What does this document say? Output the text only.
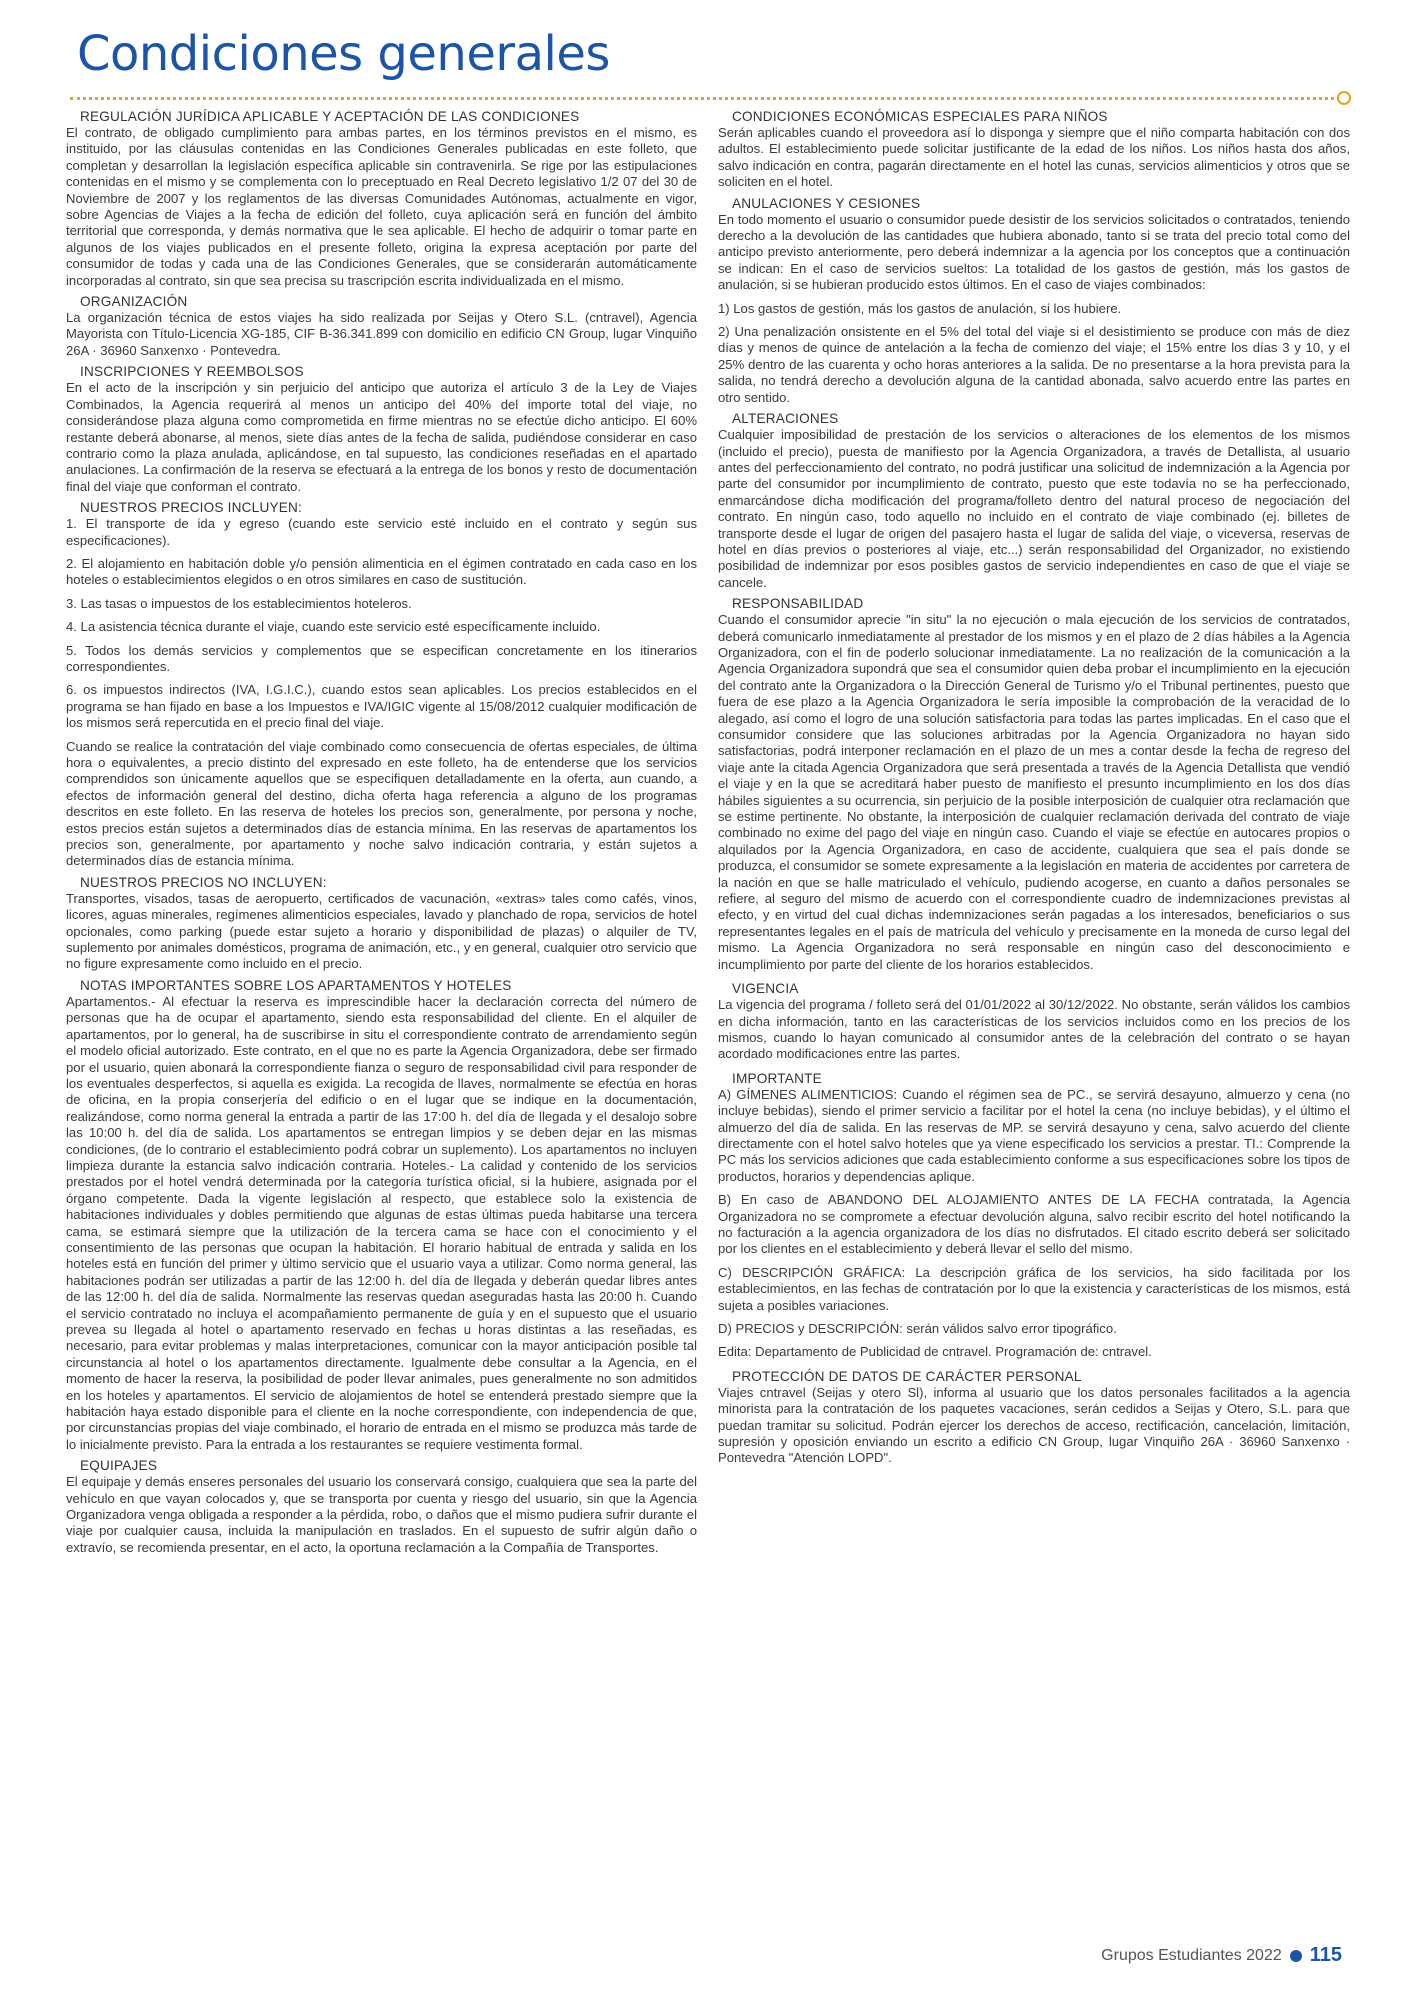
Condiciones generales
REGULACIÓN JURÍDICA APLICABLE Y ACEPTACIÓN DE LAS CONDICIONES

El contrato, de obligado cumplimiento para ambas partes, en los términos previstos en el mismo, es instituido, por las cláusulas contenidas en las Condiciones Generales publicadas en este folleto, que completan y desarrollan la legislación específica aplicable sin contravenirla. Se rige por las estipulaciones contenidas en el mismo y se complementa con lo preceptuado en Real Decreto legislativo 1/2 07 del 30 de Noviembre de 2007 y los reglamentos de las diversas Comunidades Autónomas, actualmente en vigor, sobre Agencias de Viajes a la fecha de edición del folleto, cuya aplicación será en función del ámbito territorial que corresponda, y demás normativa que le sea aplicable. El hecho de adquirir o tomar parte en algunos de los viajes publicados en el presente folleto, origina la expresa aceptación por parte del consumidor de todas y cada una de las Condiciones Generales, que se considerarán automáticamente incorporadas al contrato, sin que sea precisa su trascripción escrita individualizada en el mismo.

ORGANIZACIÓN

La organización técnica de estos viajes ha sido realizada por Seijas y Otero S.L. (cntravel), Agencia Mayorista con Título-Licencia XG-185, CIF B-36.341.899 con domicilio en edificio CN Group, lugar Vinquiño 26A · 36960 Sanxenxo · Pontevedra.

INSCRIPCIONES Y REEMBOLSOS

En el acto de la inscripción y sin perjuicio del anticipo que autoriza el artículo 3 de la Ley de Viajes Combinados, la Agencia requerirá al menos un anticipo del 40% del importe total del viaje, no considerándose plaza alguna como comprometida en firme mientras no se efectúe dicho anticipo. El 60% restante deberá abonarse, al menos, siete días antes de la fecha de salida, pudiéndose considerar en caso contrario como la plaza anulada, aplicándose, en tal supuesto, las condiciones reseñadas en el apartado anulaciones. La confirmación de la reserva se efectuará a la entrega de los bonos y resto de documentación final del viaje que conforman el contrato.

NUESTROS PRECIOS INCLUYEN:

1. El transporte de ida y egreso (cuando este servicio esté incluido en el contrato y según sus especificaciones).

2. El alojamiento en habitación doble y/o pensión alimenticia en el égimen contratado en cada caso en los hoteles o establecimientos elegidos o en otros similares en caso de sustitución.

3. Las tasas o impuestos de los establecimientos hoteleros.

4. La asistencia técnica durante el viaje, cuando este servicio esté específicamente incluido.

5. Todos los demás servicios y complementos que se especifican concretamente en los itinerarios correspondientes.

6. os impuestos indirectos (IVA, I.G.I.C.), cuando estos sean aplicables. Los precios establecidos en el programa se han fijado en base a los Impuestos e IVA/IGIC vigente al 15/08/2012 cualquier modificación de los mismos será repercutida en el precio final del viaje.

Cuando se realice la contratación del viaje combinado como consecuencia de ofertas especiales, de última hora o equivalentes, a precio distinto del expresado en este folleto, ha de entenderse que los servicios comprendidos son únicamente aquellos que se especifiquen detalladamente en la oferta, aun cuando, a efectos de información general del destino, dicha oferta haga referencia a alguno de los programas descritos en este folleto. En las reserva de hoteles los precios son, generalmente, por persona y noche, estos precios están sujetos a determinados días de estancia mínima. En las reservas de apartamentos los precios son, generalmente, por apartamento y noche salvo indicación contraria, y están sujetos a determinados días de estancia mínima.

NUESTROS PRECIOS NO INCLUYEN:

Transportes, visados, tasas de aeropuerto, certificados de vacunación, «extras» tales como cafés, vinos, licores, aguas minerales, regímenes alimenticios especiales, lavado y planchado de ropa, servicios de hotel opcionales, como parking (puede estar sujeto a horario y disponibilidad de plazas) o alquiler de TV, suplemento por animales domésticos, programa de animación, etc., y en general, cualquier otro servicio que no figure expresamente como incluido en el precio.

NOTAS IMPORTANTES SOBRE LOS APARTAMENTOS Y HOTELES

Apartamentos.- Al efectuar la reserva es imprescindible hacer la declaración correcta del número de personas que ha de ocupar el apartamento, siendo esta responsabilidad del cliente. En el alquiler de apartamentos, por lo general, ha de suscribirse in situ el correspondiente contrato de arrendamiento según el modelo oficial autorizado. Este contrato, en el que no es parte la Agencia Organizadora, debe ser firmado por el usuario, quien abonará la correspondiente fianza o seguro de responsabilidad civil para responder de los eventuales desperfectos, si aquella es exigida. La recogida de llaves, normalmente se efectúa en horas de oficina, en la propia conserjería del edificio o en el lugar que se indique en la documentación, realizándose, como norma general la entrada a partir de las 17:00 h. del día de llegada y el desalojo sobre las 10:00 h. del día de salida. Los apartamentos se entregan limpios y se deben dejar en las mismas condiciones, (de lo contrario el establecimiento podrá cobrar un suplemento). Los apartamentos no incluyen limpieza durante la estancia salvo indicación contraria. Hoteles.- La calidad y contenido de los servicios prestados por el hotel vendrá determinada por la categoría turística oficial, si la hubiere, asignada por el órgano competente. Dada la vigente legislación al respecto, que establece solo la existencia de habitaciones individuales y dobles permitiendo que algunas de estas últimas pueda habitarse una tercera cama, se estimará siempre que la utilización de la tercera cama se hace con el conocimiento y el consentimiento de las personas que ocupan la habitación. El horario habitual de entrada y salida en los hoteles está en función del primer y último servicio que el usuario vaya a utilizar. Como norma general, las habitaciones podrán ser utilizadas a partir de las 12:00 h. del día de llegada y deberán quedar libres antes de las 12:00 h. del día de salida. Normalmente las reservas quedan aseguradas hasta las 20:00 h. Cuando el servicio contratado no incluya el acompañamiento permanente de guía y en el supuesto que el usuario prevea su llegada al hotel o apartamento reservado en fechas u horas distintas a las reseñadas, es necesario, para evitar problemas y malas interpretaciones, comunicar con la mayor anticipación posible tal circunstancia al hotel o los apartamentos directamente. Igualmente debe consultar a la Agencia, en el momento de hacer la reserva, la posibilidad de poder llevar animales, pues generalmente no son admitidos en los hoteles y apartamentos. El servicio de alojamientos de hotel se entenderá prestado siempre que la habitación haya estado disponible para el cliente en la noche correspondiente, con independencia de que, por circunstancias propias del viaje combinado, el horario de entrada en el mismo se produzca más tarde de lo inicialmente previsto. Para la entrada a los restaurantes se requiere vestimenta formal.

EQUIPAJES

El equipaje y demás enseres personales del usuario los conservará consigo, cualquiera que sea la parte del vehículo en que vayan colocados y, que se transporta por cuenta y riesgo del usuario, sin que la Agencia Organizadora venga obligada a responder a la pérdida, robo, o daños que el mismo pudiera sufrir durante el viaje por cualquier causa, incluida la manipulación en traslados. En el supuesto de sufrir algún daño o extravío, se recomienda presentar, en el acto, la oportuna reclamación a la Compañía de Transportes.

CONDICIONES ECONÓMICAS ESPECIALES PARA NIÑOS

Serán aplicables cuando el proveedora así lo disponga y siempre que el niño comparta habitación con dos adultos. El establecimiento puede solicitar justificante de la edad de los niños. Los niños hasta dos años, salvo indicación en contra, pagarán directamente en el hotel las cunas, servicios alimenticios y otros que se soliciten en el hotel.

ANULACIONES Y CESIONES

En todo momento el usuario o consumidor puede desistir de los servicios solicitados o contratados, teniendo derecho a la devolución de las cantidades que hubiera abonado, tanto si se trata del precio total como del anticipo previsto anteriormente, pero deberá indemnizar a la agencia por los conceptos que a continuación se indican: En el caso de servicios sueltos: La totalidad de los gastos de gestión, más los gastos de anulación, si se hubieran producido estos últimos. En el caso de viajes combinados:

1) Los gastos de gestión, más los gastos de anulación, si los hubiere.

2) Una penalización onsistente en el 5% del total del viaje si el desistimiento se produce con más de diez días y menos de quince de antelación a la fecha de comienzo del viaje; el 15% entre los días 3 y 10, y el 25% dentro de las cuarenta y ocho horas anteriores a la salida. De no presentarse a la hora prevista para la salida, no tendrá derecho a devolución alguna de la cantidad abonada, salvo acuerdo entre las partes en otro sentido.

ALTERACIONES

Cualquier imposibilidad de prestación de los servicios o alteraciones de los elementos de los mismos (incluido el precio), puesta de manifiesto por la Agencia Organizadora, a través de Detallista, al usuario antes del perfeccionamiento del contrato, no podrá justificar una solicitud de indemnización a la Agencia por parte del consumidor por incumplimiento de contrato, puesto que este todavía no se ha perfeccionado, enmarcándose dicha modificación del programa/folleto dentro del natural proceso de negociación del contrato. En ningún caso, todo aquello no incluido en el contrato de viaje combinado (ej. billetes de transporte desde el lugar de origen del pasajero hasta el lugar de salida del viaje, o viceversa, reservas de hotel en días previos o posteriores al viaje, etc...) serán responsabilidad del Organizador, no existiendo posibilidad de indemnizar por esos posibles gastos de servicio independientes en caso de que el viaje se cancele.

RESPONSABILIDAD

Cuando el consumidor aprecie "in situ" la no ejecución o mala ejecución de los servicios de contratados, deberá comunicarlo inmediatamente al prestador de los mismos y en el plazo de 2 días hábiles a la Agencia Organizadora, con el fin de poderlo solucionar inmediatamente. La no realización de la comunicación a la Agencia Organizadora supondrá que sea el consumidor quien deba probar el incumplimiento en la ejecución del contrato ante la Organizadora o la Dirección General de Turismo y/o el Tribunal pertinentes, puesto que fuera de ese plazo a la Agencia Organizadora le sería imposible la comprobación de la veracidad de lo alegado, así como el logro de una solución satisfactoria para todas las partes implicadas. En el caso que el consumidor considere que las soluciones arbitradas por la Agencia Organizadora no hayan sido satisfactorias, podrá interponer reclamación en el plazo de un mes a contar desde la fecha de regreso del viaje ante la citada Agencia Organizadora que será presentada a través de la Agencia Detallista que vendió el viaje y en la que se acreditará haber puesto de manifiesto el presunto incumplimiento en los dos días hábiles siguientes a su ocurrencia, sin perjuicio de la posible interposición de cualquier otra reclamación que se estime pertinente. No obstante, la interposición de cualquier reclamación derivada del contrato de viaje combinado no exime del pago del viaje en ningún caso. Cuando el viaje se efectúe en autocares propios o alquilados por la Agencia Organizadora, en caso de accidente, cualquiera que sea el país donde se produzca, el consumidor se somete expresamente a la legislación en materia de accidentes por carretera de la nación en que se halle matriculado el vehículo, pudiendo acogerse, en cuanto a daños personales se refiere, al seguro del mismo de acuerdo con el correspondiente cuadro de indemnizaciones previstas al efecto, y en virtud del cual dichas indemnizaciones serán pagadas a los interesados, beneficiarios o sus representantes legales en el país de matrícula del vehículo y precisamente en la moneda de curso legal del mismo. La Agencia Organizadora no será responsable en ningún caso del desconocimiento e incumplimiento por parte del cliente de los horarios establecidos.

VIGENCIA

La vigencia del programa / folleto será del 01/01/2022 al 30/12/2022. No obstante, serán válidos los cambios en dicha información, tanto en las características de los servicios incluidos como en los precios de los mismos, cuando lo hayan comunicado al consumidor antes de la celebración del contrato o se hayan acordado modificaciones entre las partes.

IMPORTANTE

A) GÍMENES ALIMENTICIOS: Cuando el régimen sea de PC., se servirá desayuno, almuerzo y cena (no incluye bebidas), siendo el primer servicio a facilitar por el hotel la cena (no incluye bebidas), y el último el almuerzo del día de salida. En las reservas de MP. se servirá desayuno y cena, salvo acuerdo del cliente directamente con el hotel salvo hoteles que ya viene especificado los servicios a prestar. TI.: Comprende la PC más los servicios adiciones que cada establecimiento conforme a sus especificaciones sobre los tipos de productos, horarios y dependencias aplique.

B) En caso de ABANDONO DEL ALOJAMIENTO ANTES DE LA FECHA contratada, la Agencia Organizadora no se compromete a efectuar devolución alguna, salvo recibir escrito del hotel notificando la no facturación a la agencia organizadora de los días no disfrutados. El citado escrito deberá ser solicitado por los clientes en el establecimiento y deberá llevar el sello del mismo.

C) DESCRIPCIÓN GRÁFICA: La descripción gráfica de los servicios, ha sido facilitada por los establecimientos, en las fechas de contratación por lo que la existencia y características de los mismos, está sujeta a posibles variaciones.

D) PRECIOS y DESCRIPCIÓN: serán válidos salvo error tipográfico.

Edita: Departamento de Publicidad de cntravel. Programación de: cntravel.

PROTECCIÓN DE DATOS DE CARÁCTER PERSONAL

Viajes cntravel (Seijas y otero Sl), informa al usuario que los datos personales facilitados a la agencia minorista para la contratación de los paquetes vacaciones, serán cedidos a Seijas y Otero, S.L. para que puedan tramitar su solicitud. Podrán ejercer los derechos de acceso, rectificación, cancelación, limitación, supresión y oposición enviando un escrito a edificio CN Group, lugar Vinquiño 26A · 36960 Sanxenxo · Pontevedra "Atención LOPD".

Grupos Estudiantes 2022 115
